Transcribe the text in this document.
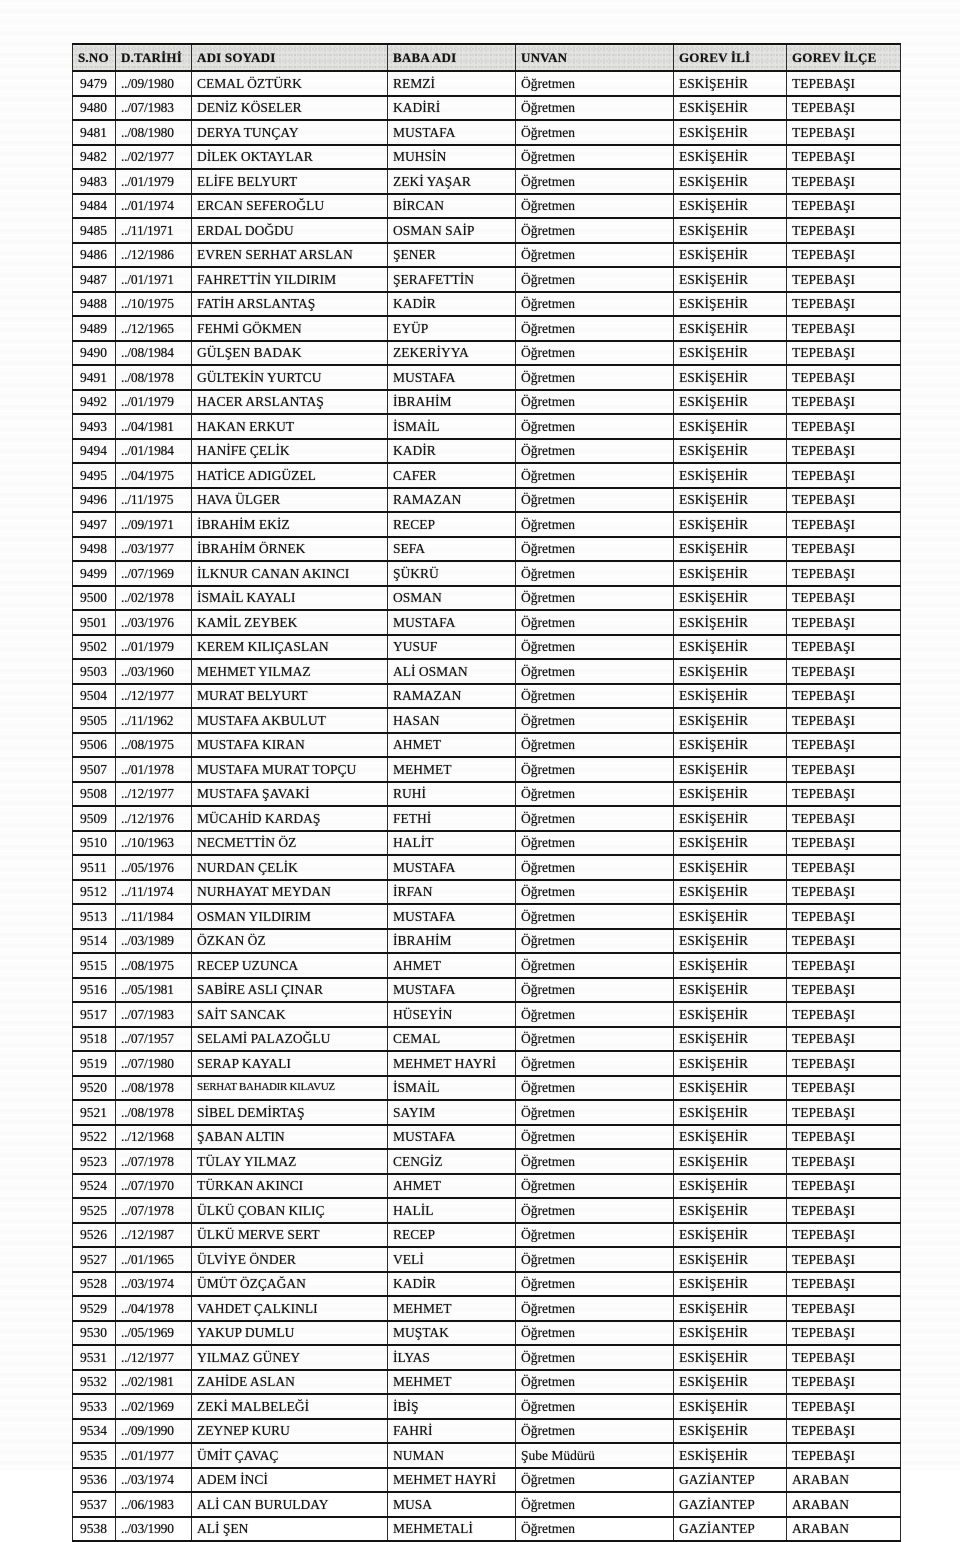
S.NO	D.TARİHİ	ADI SOYADI	BABA ADI	UNVAN	GOREV İLİ	GOREV İLÇE
9479	../09/1980	CEMAL ÖZTÜRK	REMZİ	Öğretmen	ESKİŞEHİR	TEPEBAŞI
9480	../07/1983	DENİZ KÖSELER	KADİRİ	Öğretmen	ESKİŞEHİR	TEPEBAŞI
9481	../08/1980	DERYA TUNÇAY	MUSTAFA	Öğretmen	ESKİŞEHİR	TEPEBAŞI
9482	../02/1977	DİLEK OKTAYLAR	MUHSİN	Öğretmen	ESKİŞEHİR	TEPEBAŞI
9483	../01/1979	ELİFE BELYURT	ZEKİ YAŞAR	Öğretmen	ESKİŞEHİR	TEPEBAŞI
9484	../01/1974	ERCAN SEFEROĞLU	BİRCAN	Öğretmen	ESKİŞEHİR	TEPEBAŞI
9485	../11/1971	ERDAL DOĞDU	OSMAN SAİP	Öğretmen	ESKİŞEHİR	TEPEBAŞI
9486	../12/1986	EVREN SERHAT ARSLAN	ŞENER	Öğretmen	ESKİŞEHİR	TEPEBAŞI
9487	../01/1971	FAHRETTİN YILDIRIM	ŞERAFETTİN	Öğretmen	ESKİŞEHİR	TEPEBAŞI
9488	../10/1975	FATİH ARSLANTAŞ	KADİR	Öğretmen	ESKİŞEHİR	TEPEBAŞI
9489	../12/1965	FEHMİ GÖKMEN	EYÜP	Öğretmen	ESKİŞEHİR	TEPEBAŞI
9490	../08/1984	GÜLŞEN BADAK	ZEKERİYYA	Öğretmen	ESKİŞEHİR	TEPEBAŞI
9491	../08/1978	GÜLTEKİN YURTCU	MUSTAFA	Öğretmen	ESKİŞEHİR	TEPEBAŞI
9492	../01/1979	HACER ARSLANTAŞ	İBRAHİM	Öğretmen	ESKİŞEHİR	TEPEBAŞI
9493	../04/1981	HAKAN ERKUT	İSMAİL	Öğretmen	ESKİŞEHİR	TEPEBAŞI
9494	../01/1984	HANİFE ÇELİK	KADİR	Öğretmen	ESKİŞEHİR	TEPEBAŞI
9495	../04/1975	HATİCE ADIGÜZEL	CAFER	Öğretmen	ESKİŞEHİR	TEPEBAŞI
9496	../11/1975	HAVA ÜLGER	RAMAZAN	Öğretmen	ESKİŞEHİR	TEPEBAŞI
9497	../09/1971	İBRAHİM EKİZ	RECEP	Öğretmen	ESKİŞEHİR	TEPEBAŞI
9498	../03/1977	İBRAHİM ÖRNEK	SEFA	Öğretmen	ESKİŞEHİR	TEPEBAŞI
9499	../07/1969	İLKNUR CANAN AKINCI	ŞÜKRÜ	Öğretmen	ESKİŞEHİR	TEPEBAŞI
9500	../02/1978	İSMAİL KAYALI	OSMAN	Öğretmen	ESKİŞEHİR	TEPEBAŞI
9501	../03/1976	KAMİL ZEYBEK	MUSTAFA	Öğretmen	ESKİŞEHİR	TEPEBAŞI
9502	../01/1979	KEREM KILIÇASLAN	YUSUF	Öğretmen	ESKİŞEHİR	TEPEBAŞI
9503	../03/1960	MEHMET YILMAZ	ALİ OSMAN	Öğretmen	ESKİŞEHİR	TEPEBAŞI
9504	../12/1977	MURAT BELYURT	RAMAZAN	Öğretmen	ESKİŞEHİR	TEPEBAŞI
9505	../11/1962	MUSTAFA AKBULUT	HASAN	Öğretmen	ESKİŞEHİR	TEPEBAŞI
9506	../08/1975	MUSTAFA KIRAN	AHMET	Öğretmen	ESKİŞEHİR	TEPEBAŞI
9507	../01/1978	MUSTAFA MURAT TOPÇU	MEHMET	Öğretmen	ESKİŞEHİR	TEPEBAŞI
9508	../12/1977	MUSTAFA ŞAVAKİ	RUHİ	Öğretmen	ESKİŞEHİR	TEPEBAŞI
9509	../12/1976	MÜCAHİD KARDAŞ	FETHİ	Öğretmen	ESKİŞEHİR	TEPEBAŞI
9510	../10/1963	NECMETTİN ÖZ	HALİT	Öğretmen	ESKİŞEHİR	TEPEBAŞI
9511	../05/1976	NURDAN ÇELİK	MUSTAFA	Öğretmen	ESKİŞEHİR	TEPEBAŞI
9512	../11/1974	NURHAYAT MEYDAN	İRFAN	Öğretmen	ESKİŞEHİR	TEPEBAŞI
9513	../11/1984	OSMAN YILDIRIM	MUSTAFA	Öğretmen	ESKİŞEHİR	TEPEBAŞI
9514	../03/1989	ÖZKAN ÖZ	İBRAHİM	Öğretmen	ESKİŞEHİR	TEPEBAŞI
9515	../08/1975	RECEP UZUNCA	AHMET	Öğretmen	ESKİŞEHİR	TEPEBAŞI
9516	../05/1981	SABİRE ASLI ÇINAR	MUSTAFA	Öğretmen	ESKİŞEHİR	TEPEBAŞI
9517	../07/1983	SAİT SANCAK	HÜSEYİN	Öğretmen	ESKİŞEHİR	TEPEBAŞI
9518	../07/1957	SELAMİ PALAZOĞLU	CEMAL	Öğretmen	ESKİŞEHİR	TEPEBAŞI
9519	../07/1980	SERAP KAYALI	MEHMET HAYRİ	Öğretmen	ESKİŞEHİR	TEPEBAŞI
9520	../08/1978	SERHAT BAHADIR KILAVUZ	İSMAİL	Öğretmen	ESKİŞEHİR	TEPEBAŞI
9521	../08/1978	SİBEL DEMİRTAŞ	SAYIM	Öğretmen	ESKİŞEHİR	TEPEBAŞI
9522	../12/1968	ŞABAN ALTIN	MUSTAFA	Öğretmen	ESKİŞEHİR	TEPEBAŞI
9523	../07/1978	TÜLAY YILMAZ	CENGİZ	Öğretmen	ESKİŞEHİR	TEPEBAŞI
9524	../07/1970	TÜRKAN AKINCI	AHMET	Öğretmen	ESKİŞEHİR	TEPEBAŞI
9525	../07/1978	ÜLKÜ ÇOBAN KILIÇ	HALİL	Öğretmen	ESKİŞEHİR	TEPEBAŞI
9526	../12/1987	ÜLKÜ MERVE SERT	RECEP	Öğretmen	ESKİŞEHİR	TEPEBAŞI
9527	../01/1965	ÜLVİYE ÖNDER	VELİ	Öğretmen	ESKİŞEHİR	TEPEBAŞI
9528	../03/1974	ÜMÜT ÖZÇAĞAN	KADİR	Öğretmen	ESKİŞEHİR	TEPEBAŞI
9529	../04/1978	VAHDET ÇALKINLI	MEHMET	Öğretmen	ESKİŞEHİR	TEPEBAŞI
9530	../05/1969	YAKUP DUMLU	MUŞTAK	Öğretmen	ESKİŞEHİR	TEPEBAŞI
9531	../12/1977	YILMAZ GÜNEY	İLYAS	Öğretmen	ESKİŞEHİR	TEPEBAŞI
9532	../02/1981	ZAHİDE ASLAN	MEHMET	Öğretmen	ESKİŞEHİR	TEPEBAŞI
9533	../02/1969	ZEKİ MALBELEĞİ	İBİŞ	Öğretmen	ESKİŞEHİR	TEPEBAŞI
9534	../09/1990	ZEYNEP KURU	FAHRİ	Öğretmen	ESKİŞEHİR	TEPEBAŞI
9535	../01/1977	ÜMİT ÇAVAÇ	NUMAN	Şube Müdürü	ESKİŞEHİR	TEPEBAŞI
9536	../03/1974	ADEM İNCİ	MEHMET HAYRİ	Öğretmen	GAZİANTEP	ARABAN
9537	../06/1983	ALİ CAN BURULDAY	MUSA	Öğretmen	GAZİANTEP	ARABAN
9538	../03/1990	ALİ ŞEN	MEHMETALİ	Öğretmen	GAZİANTEP	ARABAN
